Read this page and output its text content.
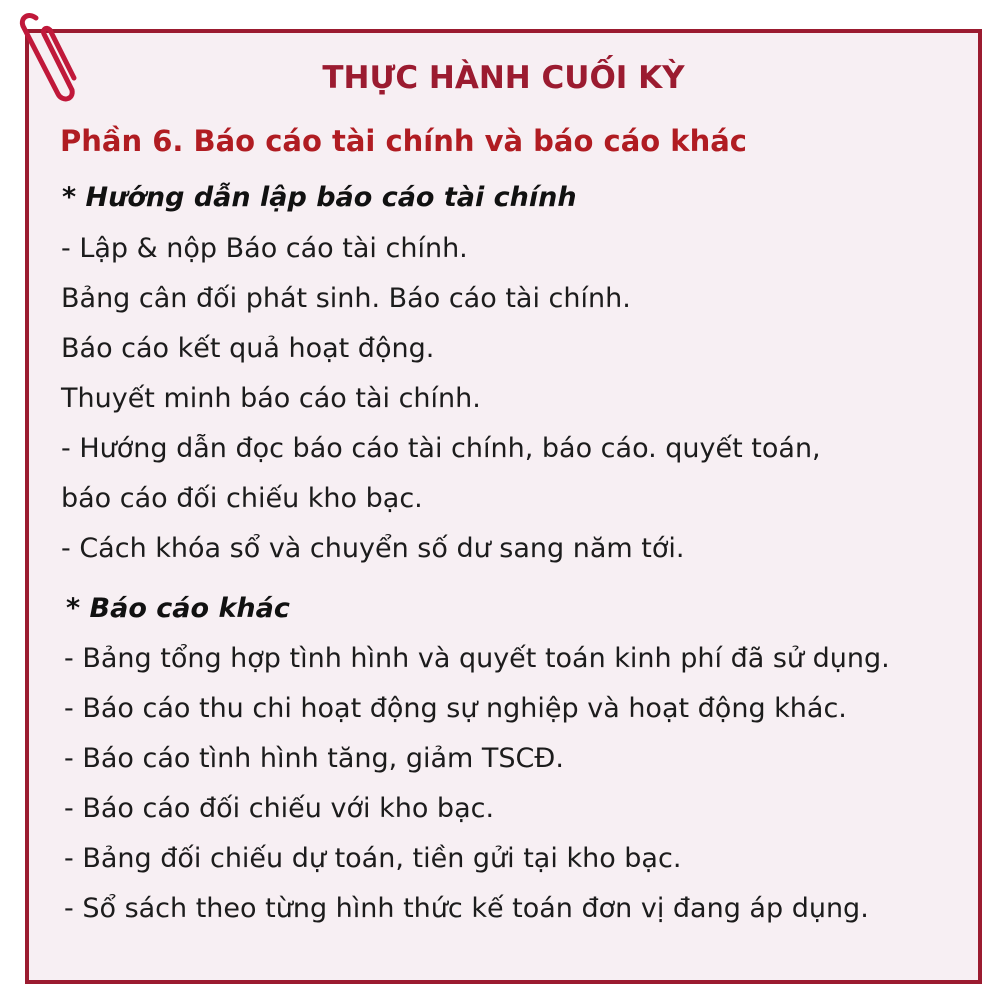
THỰC HÀNH CUỐI KỲ
Phần 6. Báo cáo tài chính và báo cáo khác
* Hướng dẫn lập báo cáo tài chính
- Lập & nộp Báo cáo tài chính.
Bảng cân đối phát sinh. Báo cáo tài chính.
Báo cáo kết quả hoạt động.
Thuyết minh báo cáo tài chính.
- Hướng dẫn đọc báo cáo tài chính, báo cáo. quyết toán,
báo cáo đối chiếu kho bạc.
- Cách khóa sổ và chuyển số dư sang năm tới.
* Báo cáo khác
- Bảng tổng hợp tình hình và quyết toán kinh phí đã sử dụng.
- Báo cáo thu chi hoạt động sự nghiệp và hoạt động khác.
- Báo cáo tình hình tăng, giảm TSCĐ.
- Báo cáo đối chiếu với kho bạc.
- Bảng đối chiếu dự toán, tiền gửi tại kho bạc.
- Sổ sách theo từng hình thức kế toán đơn vị đang áp dụng.
